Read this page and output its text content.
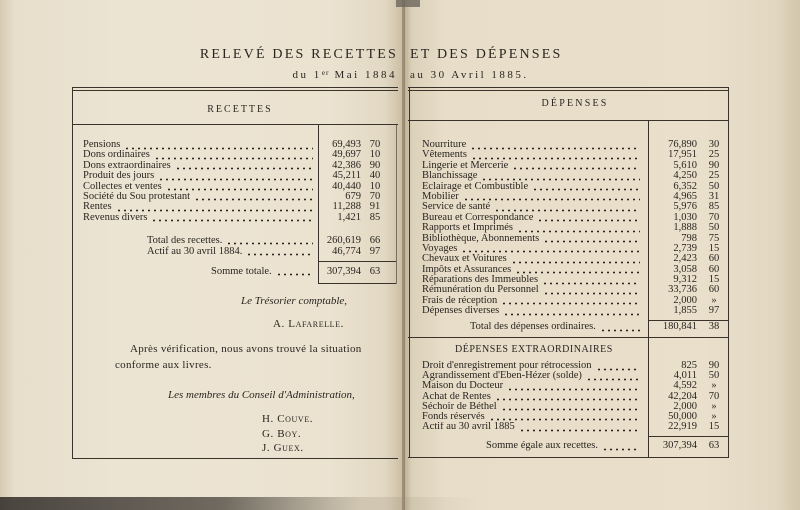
RELEVÉ DES RECETTES ET DES DÉPENSES
du 1er Mai 1884 au 30 Avril 1885.
RECETTES
DÉPENSES
Pensions	69,493 70
Dons ordinaires	49,697 10
Dons extraordinaires	42,386 90
Produit des jours	45,211 40
Collectes et ventes	40,440 10
Société du Sou protestant	679 70
Rentes	11,288 91
Revenus divers	1,421 85
Total des recettes.	260,619 66
Actif au 30 avril 1884.	46,774 97
Somme totale.	307,394 63
Le Trésorier comptable,
A. Lafarelle.
Après vérification, nous avons trouvé la situation
conforme aux livres.
Les membres du Conseil d'Administration,
H. Couve.
G. Boy.
J. Guex.
Nourriture	76,890 30
Vêtements	17,951 25
Lingerie et Mercerie	5,610 90
Blanchissage	4,250 25
Eclairage et Combustible	6,352 50
Mobilier	4,965 31
Service de santé	5,976 85
Bureau et Correspondance	1,030 70
Rapports et Imprimés	1,888 50
Bibliothèque, Abonnements	798 75
Voyages	2,739 15
Chevaux et Voitures	2,423 60
Impôts et Assurances	3,058 60
Réparations des Immeubles	9,312 15
Rémunération du Personnel	33,736 60
Frais de réception	2,000	»
Dépenses diverses	1,855 97
Total des dépenses ordinaires.	180,841 38
DÉPENSES EXTRAORDINAIRES
Droit d'enregistrement pour rétrocession	825 90
Agrandissement d'Ében-Hézer (solde)	4,011 50
Maison du Docteur	4,592	»
Achat de Rentes	42,204 70
Séchoir de Béthel	2,000	»
Fonds réservés	50,000	»
Actif au 30 avril 1885	22,919 15
Somme égale aux recettes.	307,394 63
